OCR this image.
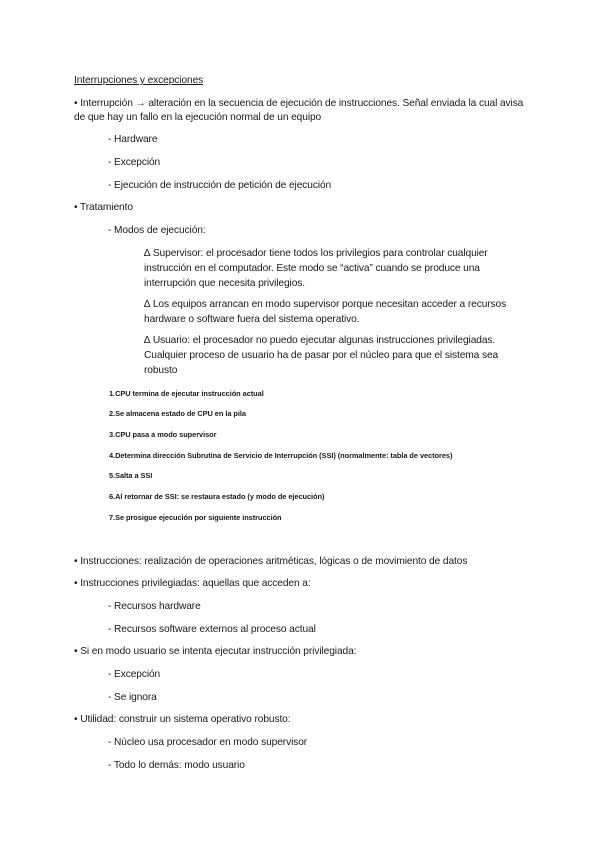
Interrupciones y excepciones
• Interrupción → alteración en la secuencia de ejecución de instrucciones. Señal enviada la cual avisa
de que hay un fallo en la ejecución normal de un equipo
- Hardware
- Excepción
- Ejecución de instrucción de petición de ejecución
• Tratamiento
- Modos de ejecución:
∆ Supervisor: el procesador tiene todos los privilegios para controlar cualquier
instrucción en el computador. Este modo se “activa” cuando se produce una
interrupción que necesita privilegios.
∆ Los equipos arrancan en modo supervisor porque necesitan acceder a recursos
hardware o software fuera del sistema operativo.
∆ Usuario: el procesador no puedo ejecutar algunas instrucciones privilegiadas.
Cualquier proceso de usuario ha de pasar por el núcleo para que el sistema sea
robusto
1.CPU termina de ejecutar instrucción actual
2.Se almacena estado de CPU en la pila
3.CPU pasa a modo supervisor
4.Determina dirección Subrutina de Servicio de Interrupción (SSI) (normalmente: tabla de vectores)
5.Salta a SSI
6.Al retornar de SSI: se restaura estado (y modo de ejecución)
7.Se prosigue ejecución por siguiente instrucción
• Instrucciones: realización de operaciones aritméticas, lógicas o de movimiento de datos
• Instrucciones privilegiadas: aquellas que acceden a:
- Recursos hardware
- Recursos software externos al proceso actual
• Si en modo usuario se intenta ejecutar instrucción privilegiada:
- Excepción
- Se ignora
• Utilidad: construir un sistema operativo robusto:
- Núcleo usa procesador en modo supervisor
- Todo lo demás: modo usuario
